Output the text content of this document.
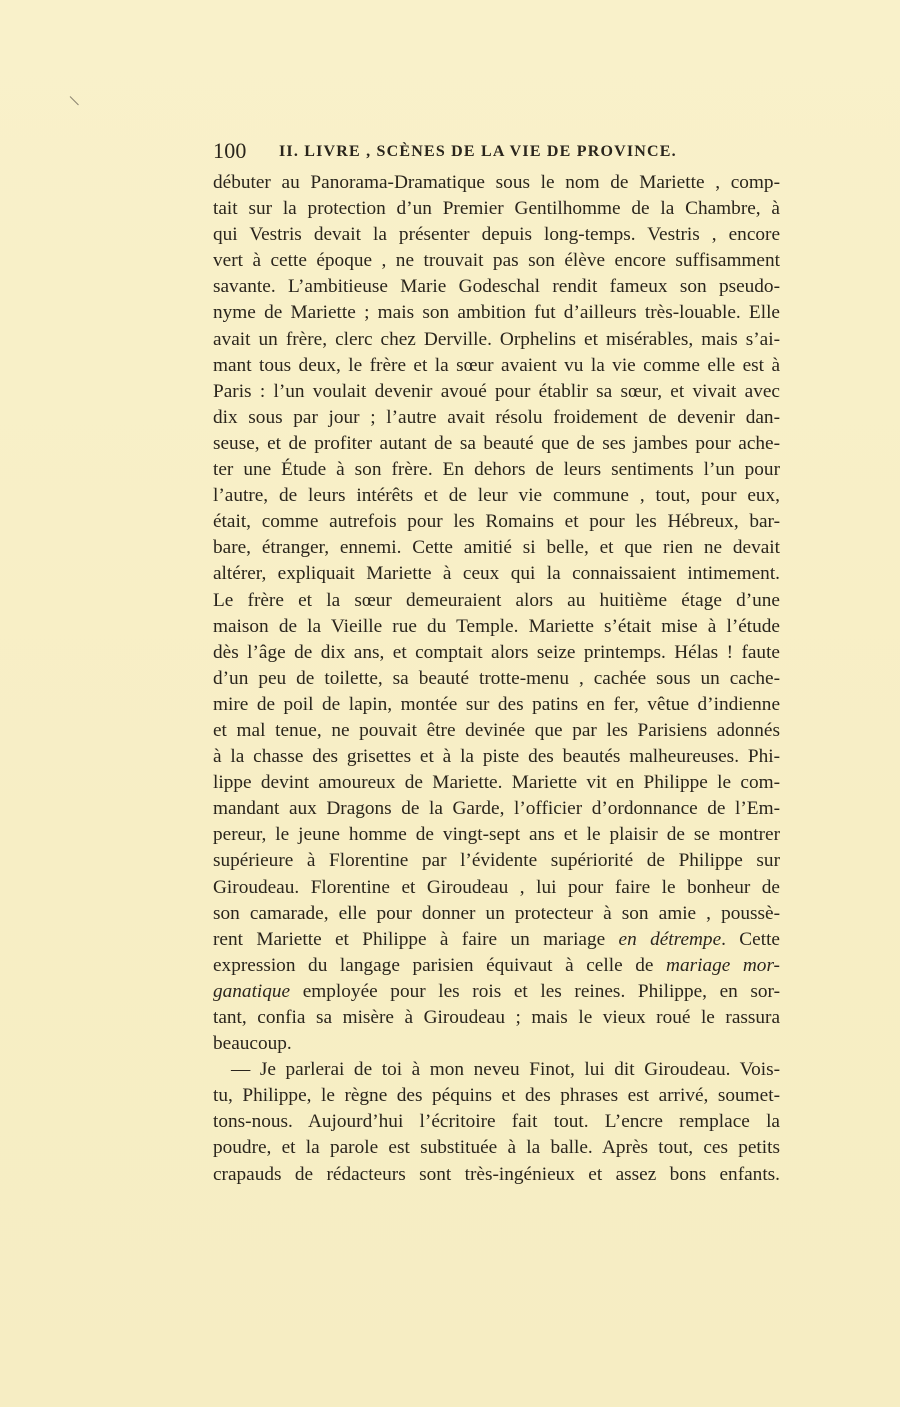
100 II. LIVRE , SCÈNES DE LA VIE DE PROVINCE.
débuter au Panorama-Dramatique sous le nom de Mariette , comp-
tait sur la protection d’un Premier Gentilhomme de la Chambre, à
qui Vestris devait la présenter depuis long-temps. Vestris , encore
vert à cette époque , ne trouvait pas son élève encore suffisamment
savante. L’ambitieuse Marie Godeschal rendit fameux son pseudo-
nyme de Mariette ; mais son ambition fut d’ailleurs très-louable. Elle
avait un frère, clerc chez Derville. Orphelins et misérables, mais s’ai-
mant tous deux, le frère et la sœur avaient vu la vie comme elle est à
Paris : l’un voulait devenir avoué pour établir sa sœur, et vivait avec
dix sous par jour ; l’autre avait résolu froidement de devenir dan-
seuse, et de profiter autant de sa beauté que de ses jambes pour ache-
ter une Étude à son frère. En dehors de leurs sentiments l’un pour
l’autre, de leurs intérêts et de leur vie commune , tout, pour eux,
était, comme autrefois pour les Romains et pour les Hébreux, bar-
bare, étranger, ennemi. Cette amitié si belle, et que rien ne devait
altérer, expliquait Mariette à ceux qui la connaissaient intimement.
Le frère et la sœur demeuraient alors au huitième étage d’une
maison de la Vieille rue du Temple. Mariette s’était mise à l’étude
dès l’âge de dix ans, et comptait alors seize printemps. Hélas ! faute
d’un peu de toilette, sa beauté trotte-menu , cachée sous un cache-
mire de poil de lapin, montée sur des patins en fer, vêtue d’indienne
et mal tenue, ne pouvait être devinée que par les Parisiens adonnés
à la chasse des grisettes et à la piste des beautés malheureuses. Phi-
lippe devint amoureux de Mariette. Mariette vit en Philippe le com-
mandant aux Dragons de la Garde, l’officier d’ordonnance de l’Em-
pereur, le jeune homme de vingt-sept ans et le plaisir de se montrer
supérieure à Florentine par l’évidente supériorité de Philippe sur
Giroudeau. Florentine et Giroudeau , lui pour faire le bonheur de
son camarade, elle pour donner un protecteur à son amie , poussè-
rent Mariette et Philippe à faire un mariage en détrempe. Cette
expression du langage parisien équivaut à celle de mariage mor-
ganatique employée pour les rois et les reines. Philippe, en sor-
tant, confia sa misère à Giroudeau ; mais le vieux roué le rassura
beaucoup.
— Je parlerai de toi à mon neveu Finot, lui dit Giroudeau. Vois-
tu, Philippe, le règne des péquins et des phrases est arrivé, soumet-
tons-nous. Aujourd’hui l’écritoire fait tout. L’encre remplace la
poudre, et la parole est substituée à la balle. Après tout, ces petits
crapauds de rédacteurs sont très-ingénieux et assez bons enfants.
